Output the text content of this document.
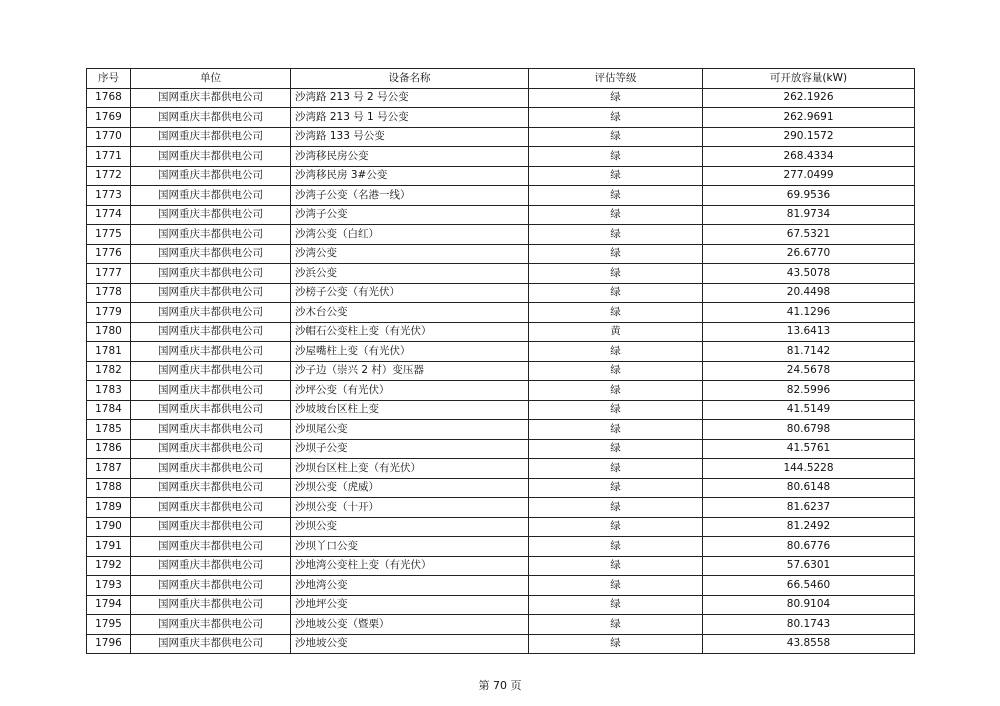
序号	单位	设备名称	评估等级	可开放容量(kW)
1768	国网重庆丰都供电公司	沙湾路 213 号 2 号公变	绿	262.1926
1769	国网重庆丰都供电公司	沙湾路 213 号 1 号公变	绿	262.9691
1770	国网重庆丰都供电公司	沙湾路 133 号公变	绿	290.1572
1771	国网重庆丰都供电公司	沙湾移民房公变	绿	268.4334
1772	国网重庆丰都供电公司	沙湾移民房 3#公变	绿	277.0499
1773	国网重庆丰都供电公司	沙湾子公变（名港一线）	绿	69.9536
1774	国网重庆丰都供电公司	沙湾子公变	绿	81.9734
1775	国网重庆丰都供电公司	沙湾公变（白红）	绿	67.5321
1776	国网重庆丰都供电公司	沙湾公变	绿	26.6770
1777	国网重庆丰都供电公司	沙浜公变	绿	43.5078
1778	国网重庆丰都供电公司	沙榜子公变（有光伏）	绿	20.4498
1779	国网重庆丰都供电公司	沙木台公变	绿	41.1296
1780	国网重庆丰都供电公司	沙帽石公变柱上变（有光伏）	黄	13.6413
1781	国网重庆丰都供电公司	沙屋嘴柱上变（有光伏）	绿	81.7142
1782	国网重庆丰都供电公司	沙子边（崇兴 2 村）变压器	绿	24.5678
1783	国网重庆丰都供电公司	沙坪公变（有光伏）	绿	82.5996
1784	国网重庆丰都供电公司	沙坡坡台区柱上变	绿	41.5149
1785	国网重庆丰都供电公司	沙坝尾公变	绿	80.6798
1786	国网重庆丰都供电公司	沙坝子公变	绿	41.5761
1787	国网重庆丰都供电公司	沙坝台区柱上变（有光伏）	绿	144.5228
1788	国网重庆丰都供电公司	沙坝公变（虎威）	绿	80.6148
1789	国网重庆丰都供电公司	沙坝公变（十开）	绿	81.6237
1790	国网重庆丰都供电公司	沙坝公变	绿	81.2492
1791	国网重庆丰都供电公司	沙坝丫口公变	绿	80.6776
1792	国网重庆丰都供电公司	沙地湾公变柱上变（有光伏）	绿	57.6301
1793	国网重庆丰都供电公司	沙地湾公变	绿	66.5460
1794	国网重庆丰都供电公司	沙地坪公变	绿	80.9104
1795	国网重庆丰都供电公司	沙地坡公变（暨栗）	绿	80.1743
1796	国网重庆丰都供电公司	沙地坡公变	绿	43.8558
第 70 页
